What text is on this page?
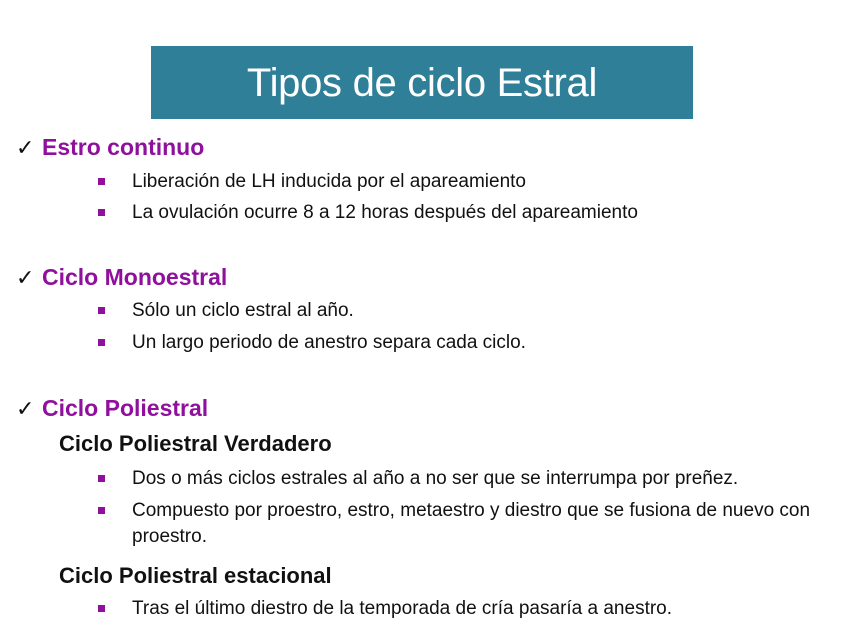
Tipos de ciclo Estral
✓ Estro continuo
Liberación de LH inducida por el apareamiento
La ovulación ocurre 8 a 12 horas después del apareamiento
✓ Ciclo Monoestral
Sólo un ciclo estral al año.
Un largo periodo de anestro separa cada ciclo.
✓ Ciclo Poliestral
Ciclo Poliestral Verdadero
Dos o más ciclos estrales al año a no ser que se interrumpa por preñez.
Compuesto por proestro, estro, metaestro y diestro que se fusiona de nuevo con proestro.
Ciclo Poliestral estacional
Tras el último diestro de la temporada de cría pasaría a anestro.
